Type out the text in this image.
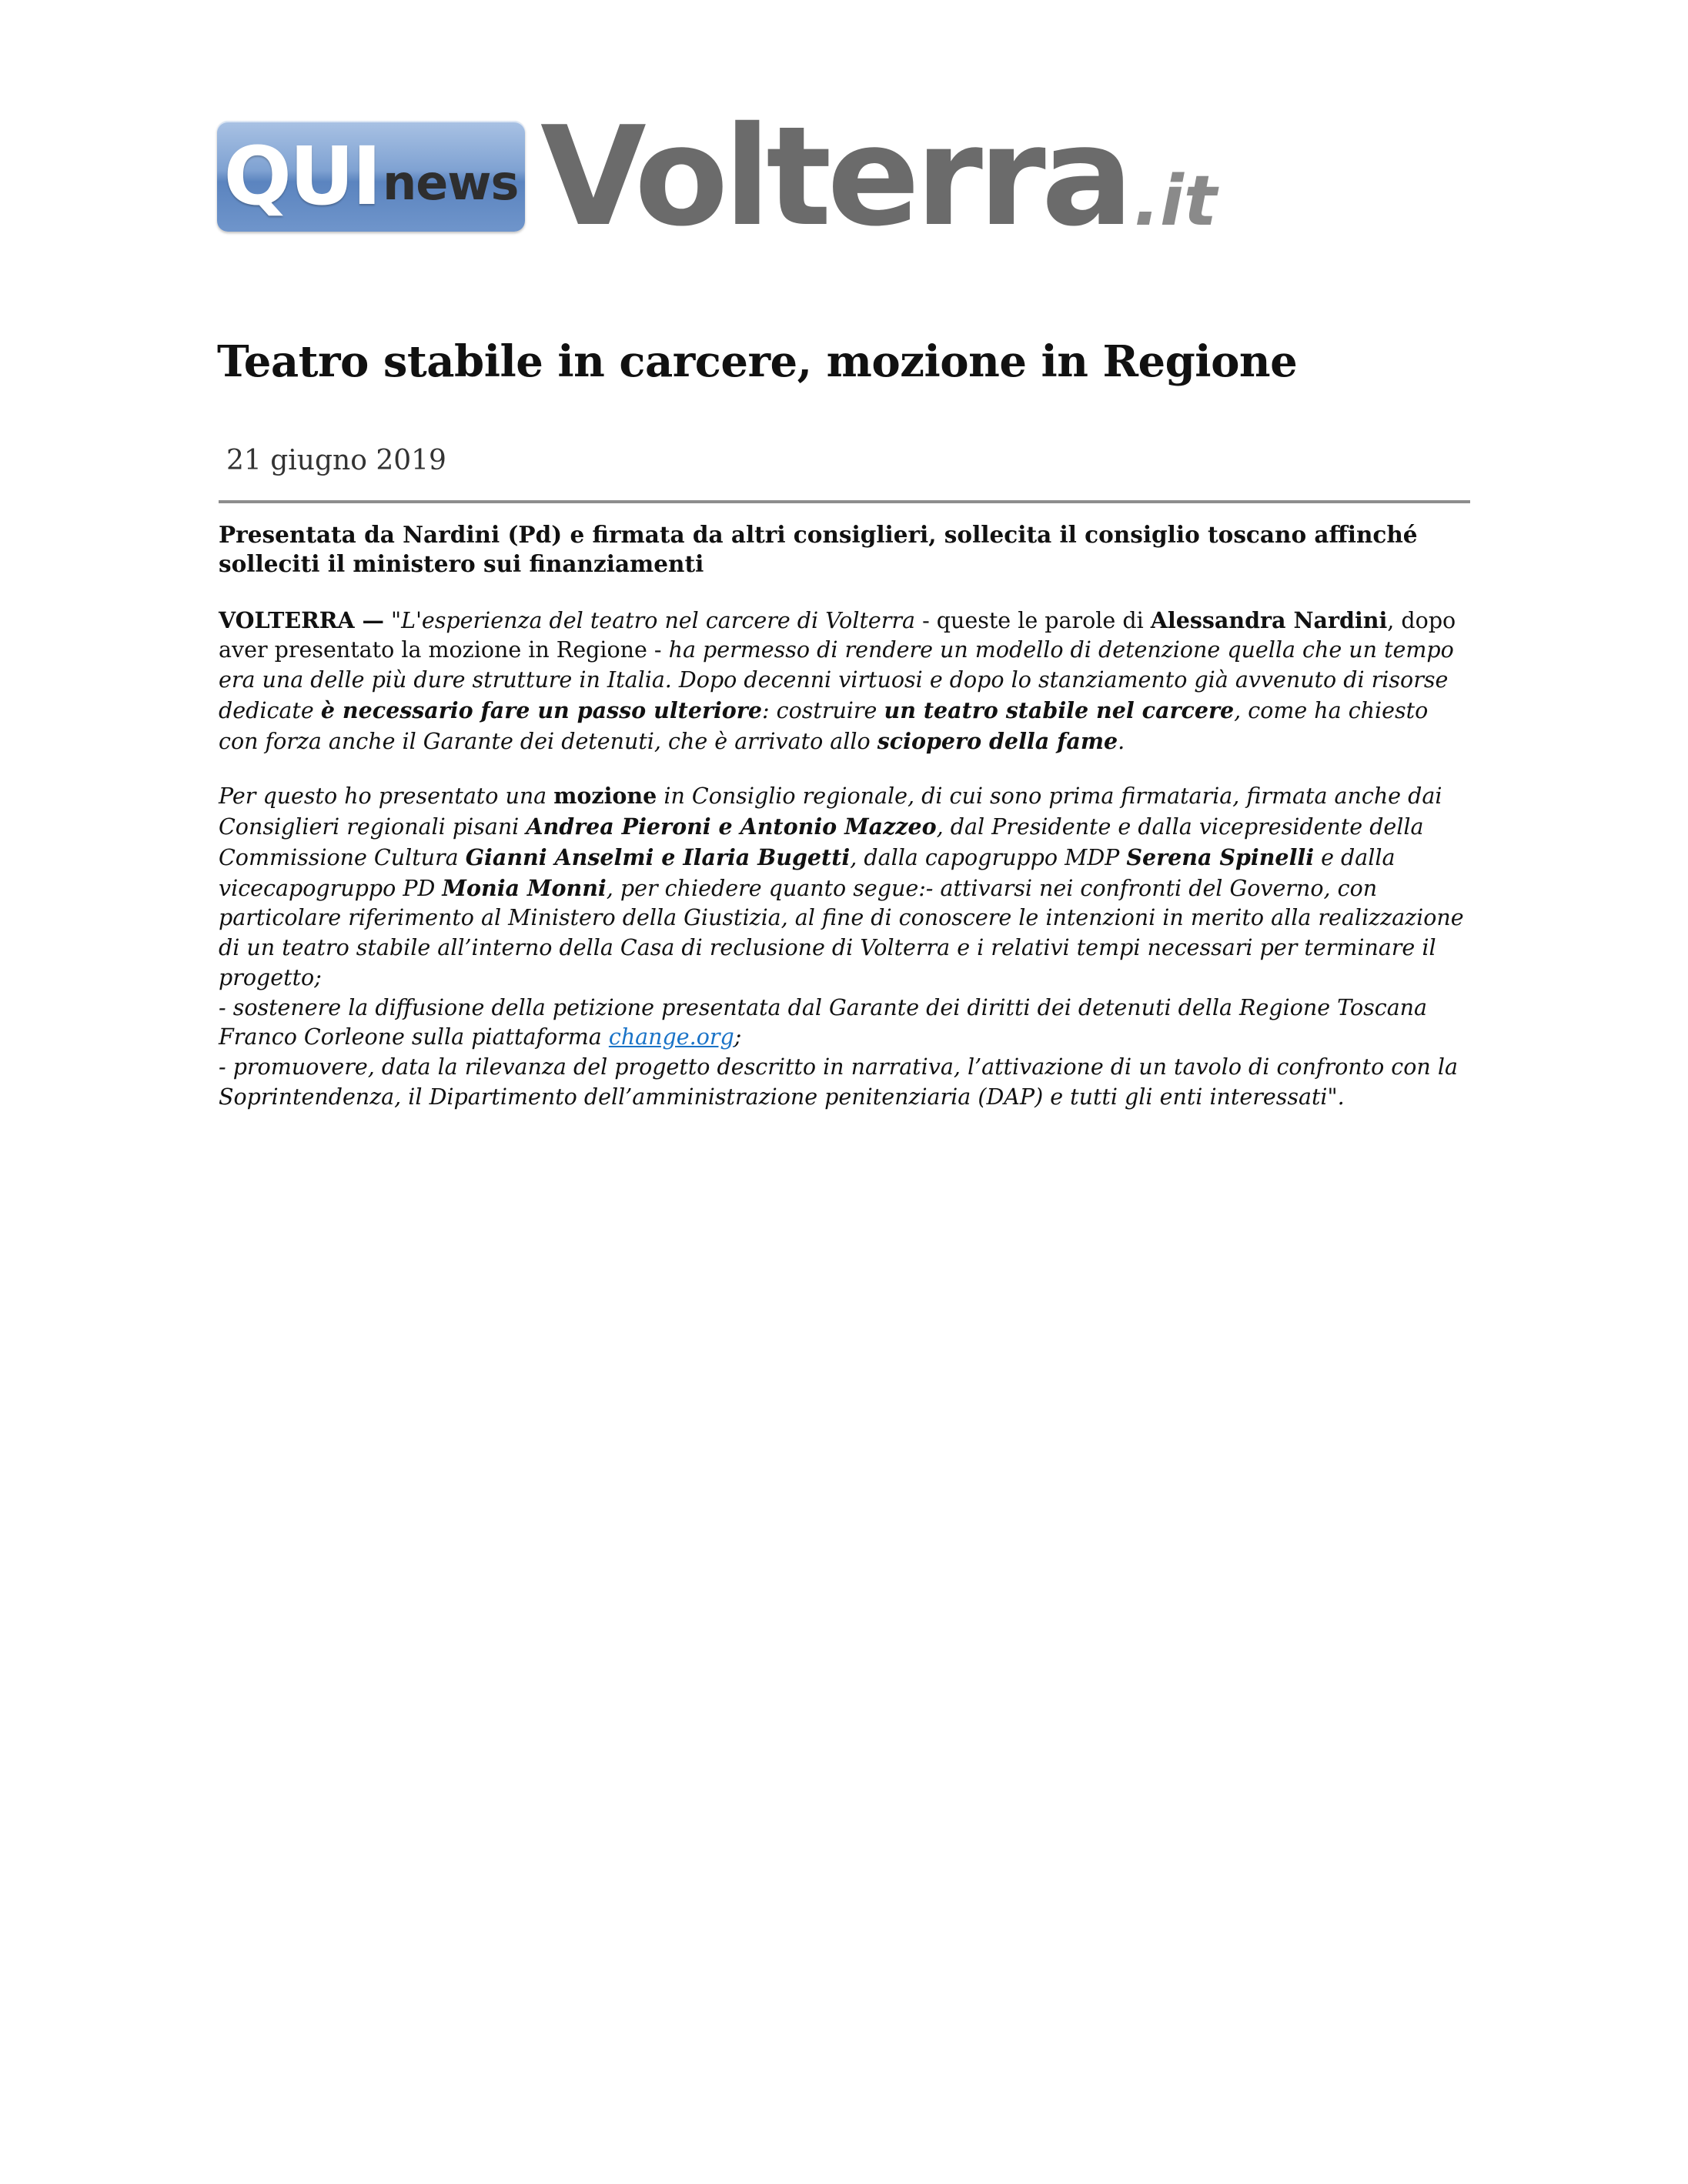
QUI news Volterra .it
Teatro stabile in carcere, mozione in Regione
21 giugno 2019

Presentata da Nardini (Pd) e firmata da altri consiglieri, sollecita il consiglio toscano affinché solleciti il ministero sui finanziamenti

VOLTERRA — "L'esperienza del teatro nel carcere di Volterra - queste le parole di Alessandra Nardini, dopo aver presentato la mozione in Regione - ha permesso di rendere un modello di detenzione quella che un tempo era una delle più dure strutture in Italia. Dopo decenni virtuosi e dopo lo stanziamento già avvenuto di risorse dedicate è necessario fare un passo ulteriore: costruire un teatro stabile nel carcere, come ha chiesto con forza anche il Garante dei detenuti, che è arrivato allo sciopero della fame.

Per questo ho presentato una mozione in Consiglio regionale, di cui sono prima firmataria, firmata anche dai Consiglieri regionali pisani Andrea Pieroni e Antonio Mazzeo, dal Presidente e dalla vicepresidente della Commissione Cultura Gianni Anselmi e Ilaria Bugetti, dalla capogruppo MDP Serena Spinelli e dalla vicecapogruppo PD Monia Monni, per chiedere quanto segue:- attivarsi nei confronti del Governo, con particolare riferimento al Ministero della Giustizia, al fine di conoscere le intenzioni in merito alla realizzazione di un teatro stabile all’interno della Casa di reclusione di Volterra e i relativi tempi necessari per terminare il progetto;
- sostenere la diffusione della petizione presentata dal Garante dei diritti dei detenuti della Regione Toscana Franco Corleone sulla piattaforma change.org;
- promuovere, data la rilevanza del progetto descritto in narrativa, l’attivazione di un tavolo di confronto con la Soprintendenza, il Dipartimento dell’amministrazione penitenziaria (DAP) e tutti gli enti interessati".
